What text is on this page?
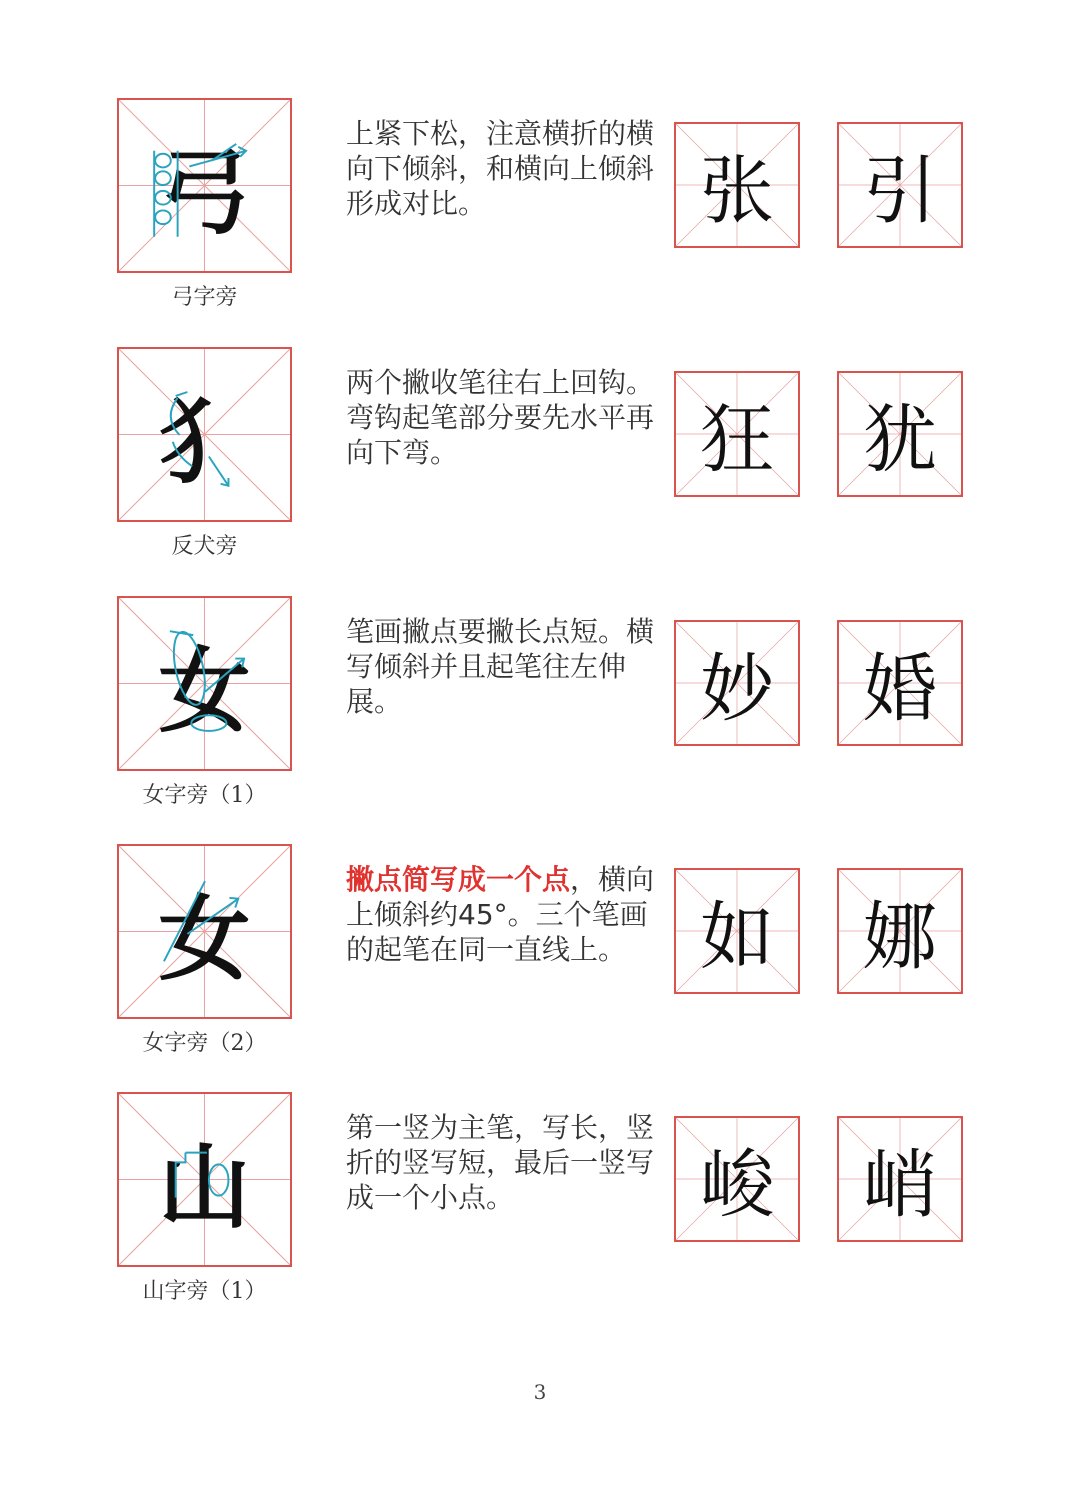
弓
弓字旁
上紧下松，注意横折的横向下倾斜，和横向上倾斜形成对比。	张	引
犭
反犬旁
两个撇收笔往右上回钩。弯钩起笔部分要先水平再向下弯。	狂	犹
女
女字旁（1）
笔画撇点要撇长点短。横写倾斜并且起笔往左伸展。	妙	婚
女
女字旁（2）
撇点简写成一个点，横向上倾斜约45°。三个笔画的起笔在同一直线上。 如	娜
山
山字旁（1）
第一竖为主笔，写长，竖折的竖写短，最后一竖写成一个小点。	峻	峭
3
